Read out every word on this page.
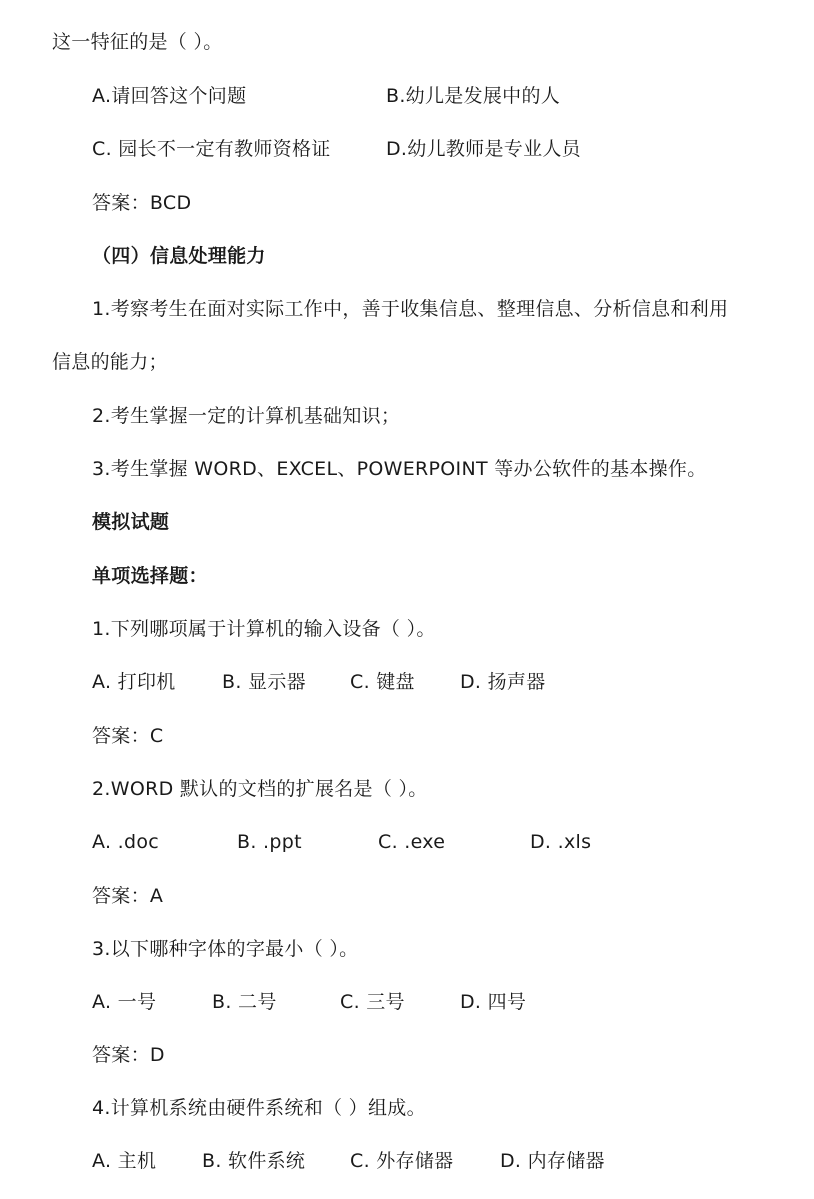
这一特征的是（ ）。
A.请回答这个问题	B.幼儿是发展中的人
C. 园长不一定有教师资格证	D.幼儿教师是专业人员
答案：BCD
（四）信息处理能力
1.考察考生在面对实际工作中，善于收集信息、整理信息、分析信息和利用
信息的能力；
2.考生掌握一定的计算机基础知识；
3.考生掌握 WORD、EXCEL、POWERPOINT 等办公软件的基本操作。
模拟试题
单项选择题：
1.下列哪项属于计算机的输入设备（ ）。
A. 打印机 B. 显示器 C. 键盘 D. 扬声器
答案：C
2.WORD 默认的文档的扩展名是（ ）。
A. .doc	B. .ppt	C. .exe	D. .xls
答案：A
3.以下哪种字体的字最小（ ）。
A. 一号	B. 二号	C. 三号	D. 四号
答案：D
4.计算机系统由硬件系统和（ ）组成。
A. 主机 B. 软件系统 C. 外存储器 D. 内存储器
